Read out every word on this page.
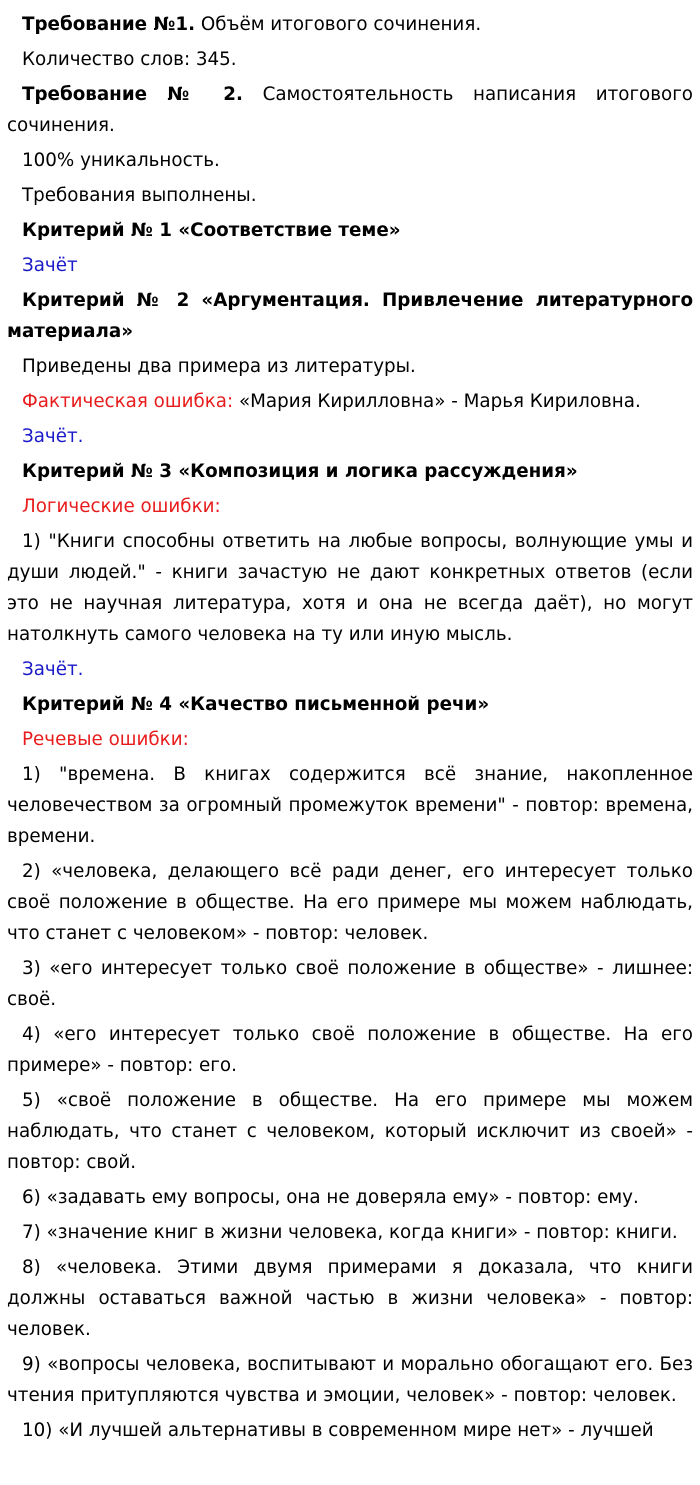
Требование №1. Объём итогового сочинения.

Количество слов: 345.

Требование № 2. Самостоятельность написания итогового сочинения.

100% уникальность.

Требования выполнены.

Критерий № 1 «Соответствие теме»

Зачёт

Критерий № 2 «Аргументация. Привлечение литературного материала»

Приведены два примера из литературы.

Фактическая ошибка: «Мария Кирилловна» - Марья Кириловна.

Зачёт.

Критерий № 3 «Композиция и логика рассуждения»

Логические ошибки:

1) "Книги способны ответить на любые вопросы, волнующие умы и души людей." - книги зачастую не дают конкретных ответов (если это не научная литература, хотя и она не всегда даёт), но могут натолкнуть самого человека на ту или иную мысль.

Зачёт.

Критерий № 4 «Качество письменной речи»

Речевые ошибки:

1) "времена. В книгах содержится всё знание, накопленное человечеством за огромный промежуток времени" - повтор: времена, времени.

2) «человека, делающего всё ради денег, его интересует только своё положение в обществе. На его примере мы можем наблюдать, что станет с человеком» - повтор: человек.

3) «его интересует только своё положение в обществе» - лишнее: своё.

4) «его интересует только своё положение в обществе. На его примере» - повтор: его.

5) «своё положение в обществе. На его примере мы можем наблюдать, что станет с человеком, который исключит из своей» - повтор: свой.

6) «задавать ему вопросы, она не доверяла ему» - повтор: ему.

7) «значение книг в жизни человека, когда книги» - повтор: книги.

8) «человека. Этими двумя примерами я доказала, что книги должны оставаться важной частью в жизни человека» - повтор: человек.

9) «вопросы человека, воспитывают и морально обогащают его. Без чтения притупляются чувства и эмоции, человек» - повтор: человек.

10) «И лучшей альтернативы в современном мире нет» - лучшей
